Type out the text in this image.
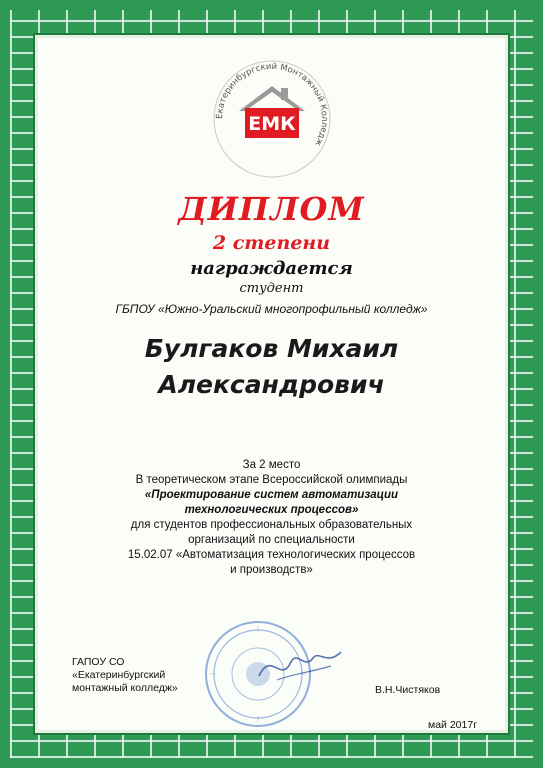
Екатеринбургский Монтажный Колледж
ЕМК
ДИПЛОМ
2 степени
награждается
студент
ГБПОУ «Южно-Уральский многопрофильный колледж»
Булгаков Михаил
Александрович
За 2 место
В теоретическом этапе Всероссийской олимпиады
«Проектирование систем автоматизации
технологических процессов»
для студентов профессиональных образовательных
организаций по специальности
15.02.07 «Автоматизация технологических процессов
и производств»
ГАПОУ СО
«Екатеринбургский
монтажный колледж»	В.Н.Чистяков
май 2017г
